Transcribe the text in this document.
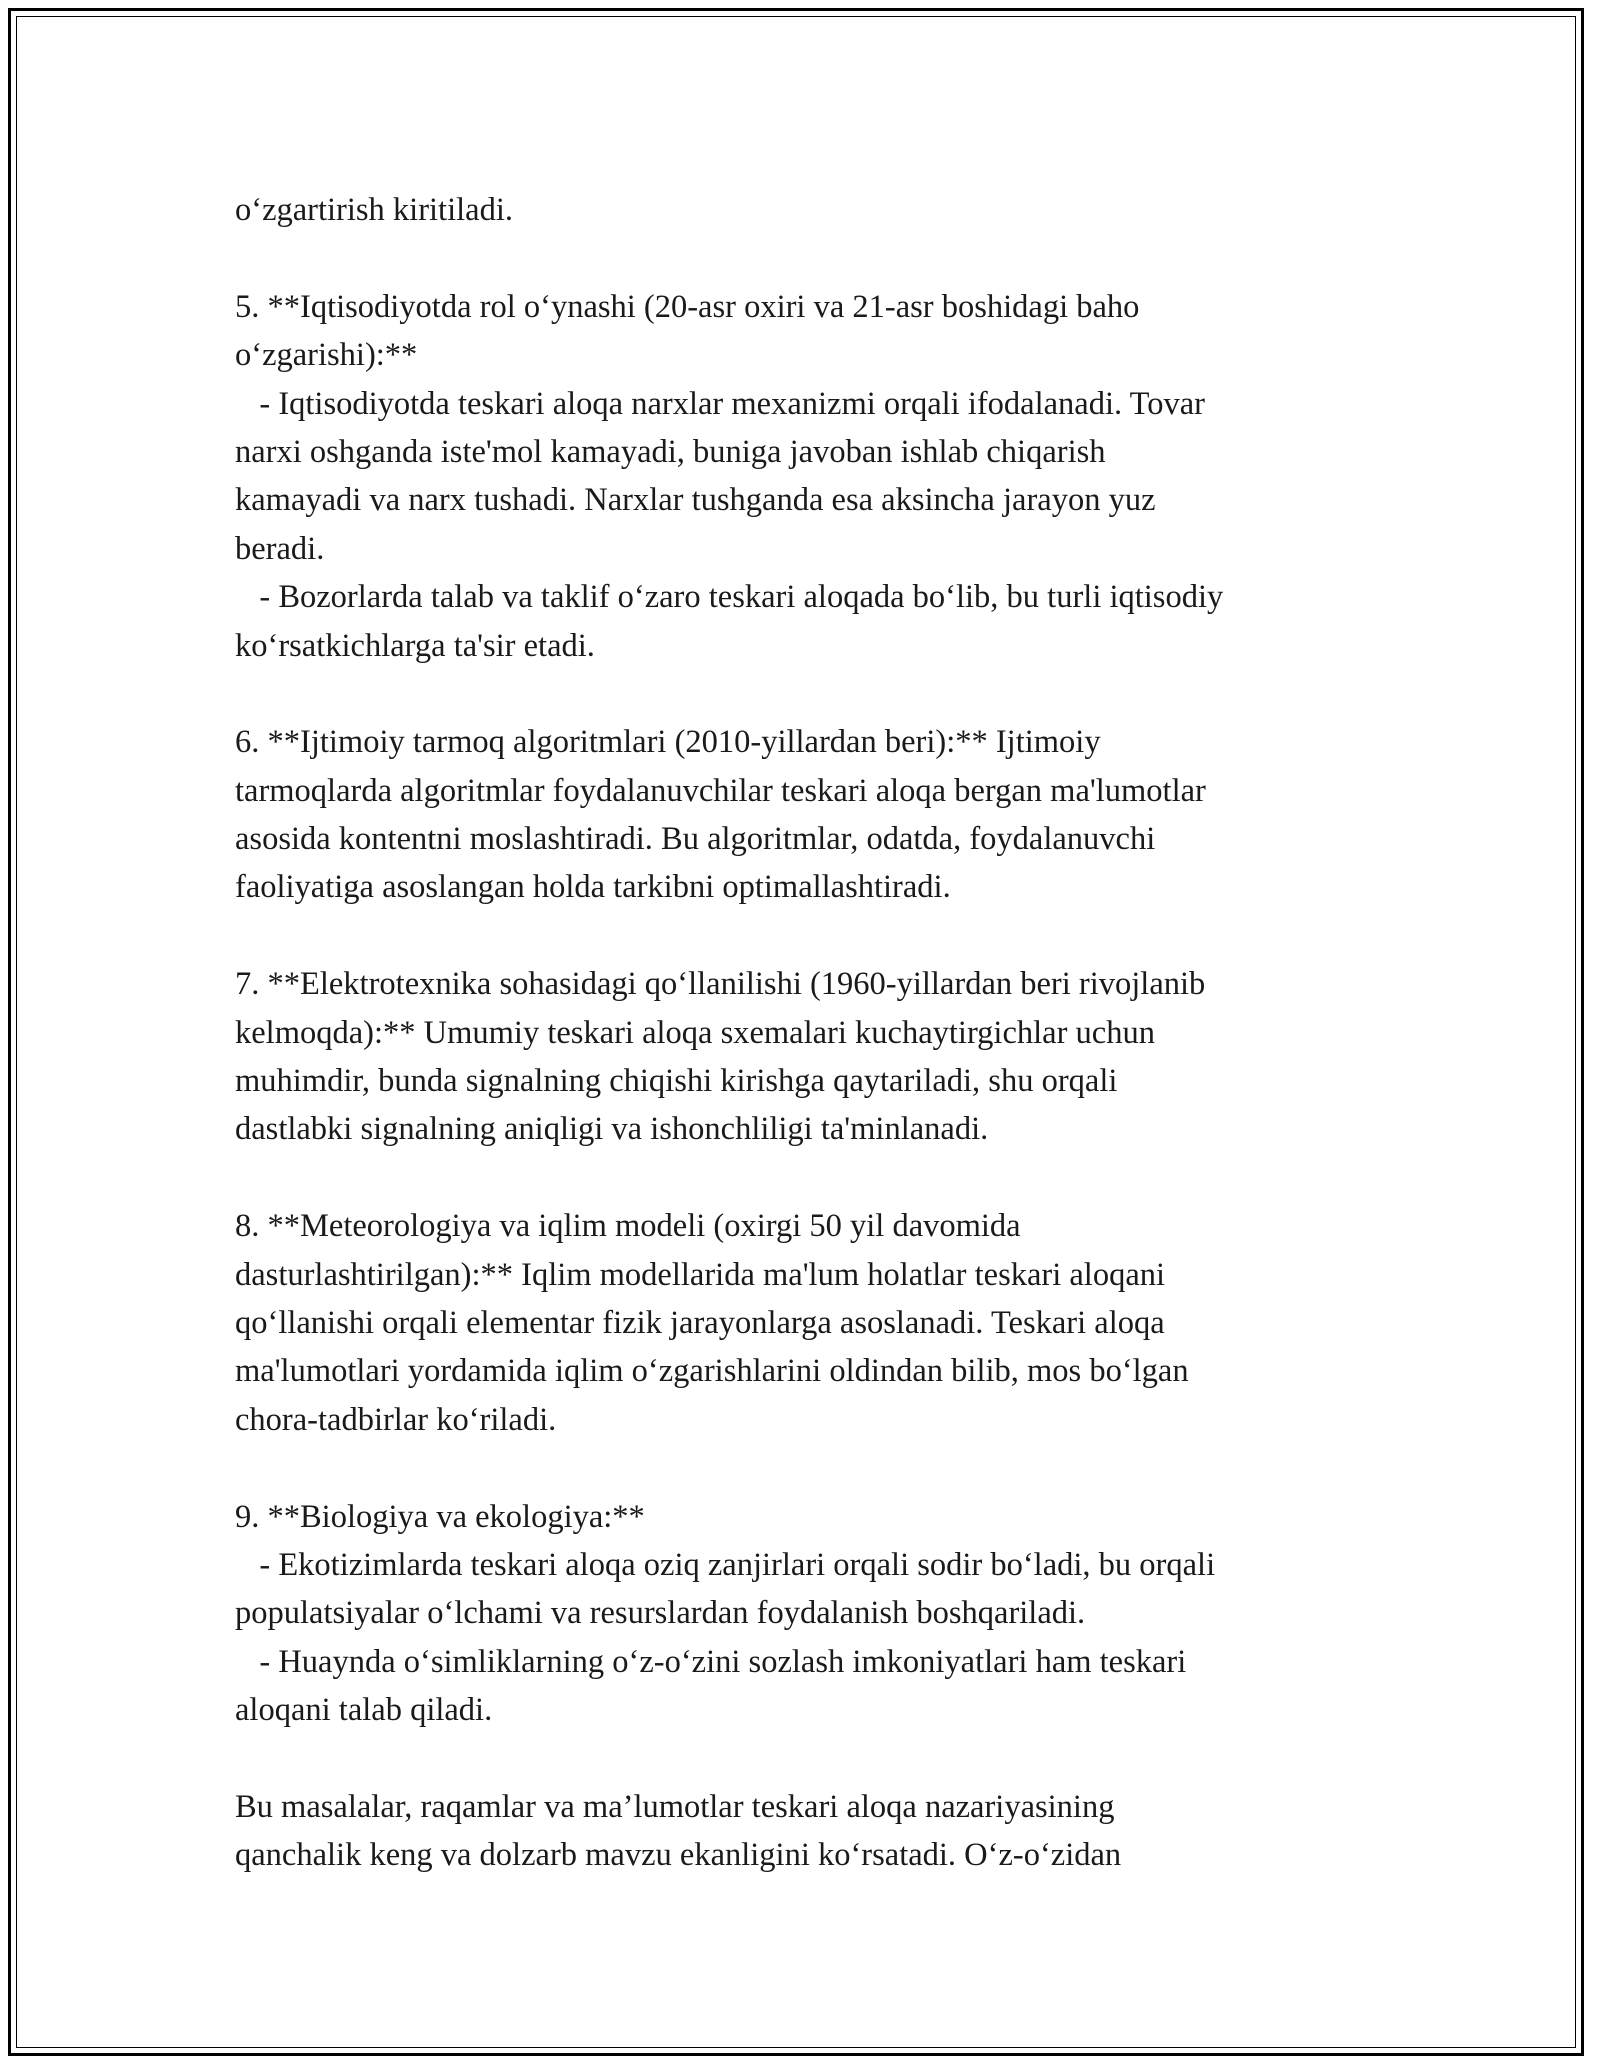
o‘zgartirish kiritiladi.
5. **Iqtisodiyotda rol o‘ynashi (20-asr oxiri va 21-asr boshidagi baho
o‘zgarishi):**
- Iqtisodiyotda teskari aloqa narxlar mexanizmi orqali ifodalanadi. Tovar
narxi oshganda iste'mol kamayadi, buniga javoban ishlab chiqarish
kamayadi va narx tushadi. Narxlar tushganda esa aksincha jarayon yuz
beradi.
- Bozorlarda talab va taklif o‘zaro teskari aloqada bo‘lib, bu turli iqtisodiy
ko‘rsatkichlarga ta'sir etadi.
6. **Ijtimoiy tarmoq algoritmlari (2010-yillardan beri):** Ijtimoiy
tarmoqlarda algoritmlar foydalanuvchilar teskari aloqa bergan ma'lumotlar
asosida kontentni moslashtiradi. Bu algoritmlar, odatda, foydalanuvchi
faoliyatiga asoslangan holda tarkibni optimallashtiradi.
7. **Elektrotexnika sohasidagi qo‘llanilishi (1960-yillardan beri rivojlanib
kelmoqda):** Umumiy teskari aloqa sxemalari kuchaytirgichlar uchun
muhimdir, bunda signalning chiqishi kirishga qaytariladi, shu orqali
dastlabki signalning aniqligi va ishonchliligi ta'minlanadi.
8. **Meteorologiya va iqlim modeli (oxirgi 50 yil davomida
dasturlashtirilgan):** Iqlim modellarida ma'lum holatlar teskari aloqani
qo‘llanishi orqali elementar fizik jarayonlarga asoslanadi. Teskari aloqa
ma'lumotlari yordamida iqlim o‘zgarishlarini oldindan bilib, mos bo‘lgan
chora-tadbirlar ko‘riladi.
9. **Biologiya va ekologiya:**
- Ekotizimlarda teskari aloqa oziq zanjirlari orqali sodir bo‘ladi, bu orqali
populatsiyalar o‘lchami va resurslardan foydalanish boshqariladi.
- Huaynda o‘simliklarning o‘z-o‘zini sozlash imkoniyatlari ham teskari
aloqani talab qiladi.
Bu masalalar, raqamlar va ma’lumotlar teskari aloqa nazariyasining
qanchalik keng va dolzarb mavzu ekanligini ko‘rsatadi. O‘z-o‘zidan
